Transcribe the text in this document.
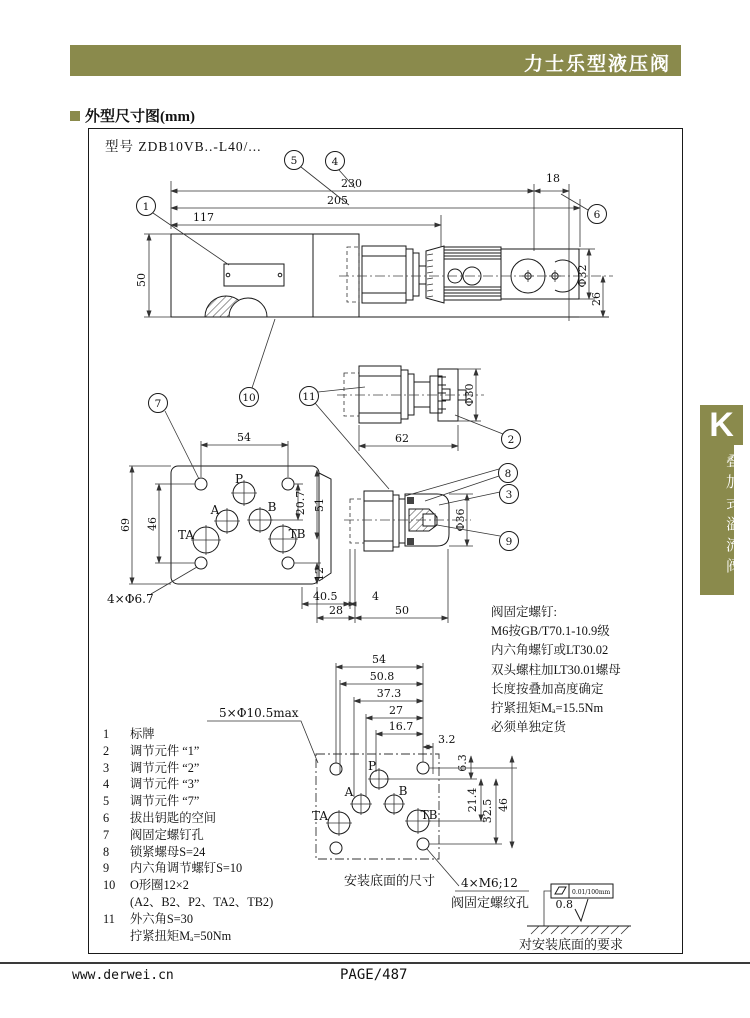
力士乐型液压阀
外型尺寸图(mm)
230
205
117
18
50	Φ32
26
Φ30
62
Φ36
P
A	B
TA	TB
54
69 46
20.7 51
12
40.5	4
28	50
4×Φ6.7
P
A	B
TA	TB
54
50.8
37.3
27
16.7
3.2
6.3
21.4 32.5 46
5×Φ10.5max
安装底面的尺寸 4×M6;12
阀固定螺纹孔
0.01/100mm
0.8
对安装底面的要求
1
5	4
6
10
7
11
2
8
3
9
型号 ZDB10VB..-L40/...
阀固定螺钉:
M6按GB/T70.1-10.9级
内六角螺钉或LT30.02
双头螺柱加LT30.01螺母
长度按叠加高度确定
拧紧扭矩Mₐ=15.5Nm
必须单独定货
1	标牌
2	调节元件 “1”
3	调节元件 “2”
4	调节元件 “3”
5	调节元件 “7”
6	拔出钥匙的空间
7	阀固定螺钉孔
8	锁紧螺母S=24
9	内六角调节螺钉S=10
10	O形圈12×2
(A2、B2、P2、TA2、TB2)
11	外六角S=30
拧紧扭矩Mₐ=50Nm
K
叠加式溢流阀
www.derwei.cn	PAGE/487
